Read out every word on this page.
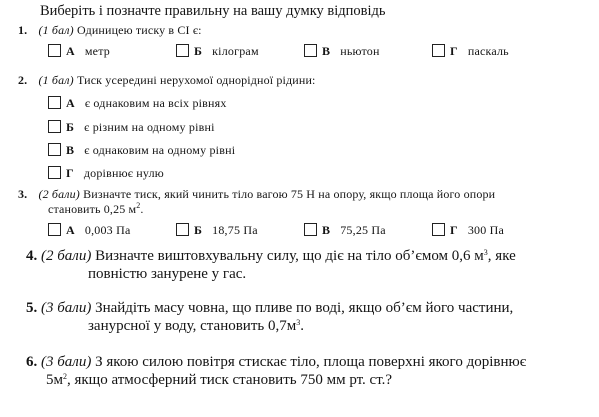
Виберіть і позначте правильну на вашу думку відповідь
1. (1 бал) Одиницею тиску в СІ є:
А метр	Б кілограм	В ньютон	Г паскаль
2. (1 бал) Тиск усередині нерухомої однорідної рідини:
А є однаковим на всіх рівнях
Б є різним на одному рівні
В є однаковим на одному рівні
Г дорівнює нулю
3. (2 бали) Визначте тиск, який чинить тіло вагою 75 Н на опору, якщо площа його опори
становить 0,25 $м^2$.
А 0,003 Па	Б 18,75 Па	В 75,25 Па	Г 300 Па
4. (2 бали) Визначте виштовхувальну силу, що діє на тіло об’ємом 0,6 $м^3$, яке
повністю занурене у гас.
5. (3 бали) Знайдіть масу човна, що пливе по воді, якщо об’єм його частини,
занурсної у воду, становить $0,7м^3$.
6. (3 бали) З якою силою повітря стискає тіло, площа поверхні якого дорівнює
$5м^2$, якщо атмосферний тиск становить 750 мм рт. ст.?
